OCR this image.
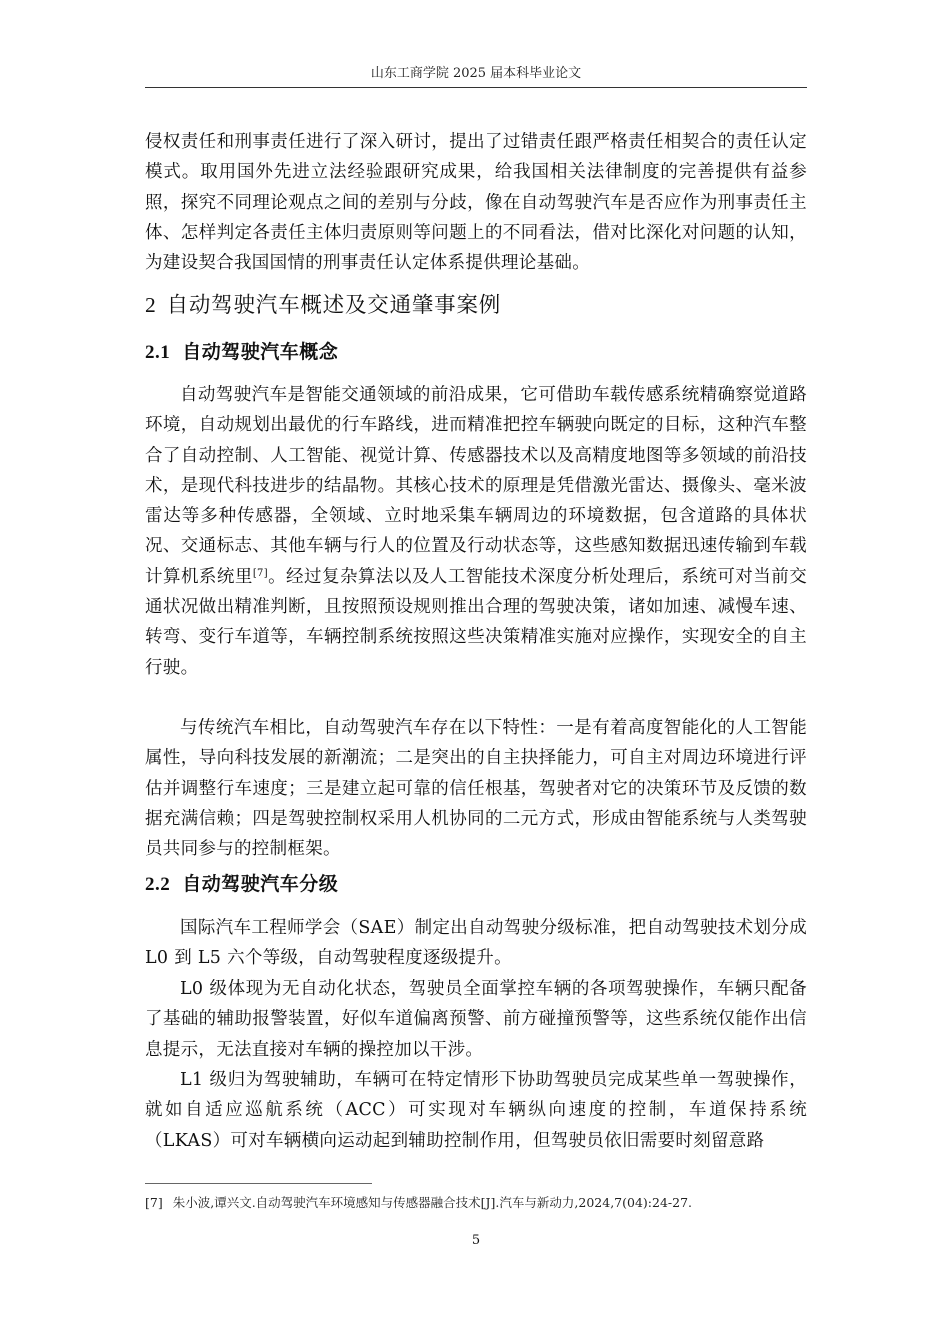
山东工商学院 2025 届本科毕业论文

侵权责任和刑事责任进行了深入研讨，提出了过错责任跟严格责任相契合的责任认定模式。取用国外先进立法经验跟研究成果，给我国相关法律制度的完善提供有益参照，探究不同理论观点之间的差别与分歧，像在自动驾驶汽车是否应作为刑事责任主体、怎样判定各责任主体归责原则等问题上的不同看法，借对比深化对问题的认知，为建设契合我国国情的刑事责任认定体系提供理论基础。

2 自动驾驶汽车概述及交通肇事案例
2.1 自动驾驶汽车概念

自动驾驶汽车是智能交通领域的前沿成果，它可借助车载传感系统精确察觉道路环境，自动规划出最优的行车路线，进而精准把控车辆驶向既定的目标，这种汽车整合了自动控制、人工智能、视觉计算、传感器技术以及高精度地图等多领域的前沿技术，是现代科技进步的结晶物。其核心技术的原理是凭借激光雷达、摄像头、毫米波雷达等多种传感器，全领域、立时地采集车辆周边的环境数据，包含道路的具体状况、交通标志、其他车辆与行人的位置及行动状态等，这些感知数据迅速传输到车载计算机系统里[7]。经过复杂算法以及人工智能技术深度分析处理后，系统可对当前交通状况做出精准判断，且按照预设规则推出合理的驾驶决策，诸如加速、减慢车速、转弯、变行车道等，车辆控制系统按照这些决策精准实施对应操作，实现安全的自主行驶。

与传统汽车相比，自动驾驶汽车存在以下特性：一是有着高度智能化的人工智能属性，导向科技发展的新潮流；二是突出的自主抉择能力，可自主对周边环境进行评估并调整行车速度；三是建立起可靠的信任根基，驾驶者对它的决策环节及反馈的数据充满信赖；四是驾驶控制权采用人机协同的二元方式，形成由智能系统与人类驾驶员共同参与的控制框架。

2.2 自动驾驶汽车分级

国际汽车工程师学会（SAE）制定出自动驾驶分级标准，把自动驾驶技术划分成 L0 到 L5 六个等级，自动驾驶程度逐级提升。

L0 级体现为无自动化状态，驾驶员全面掌控车辆的各项驾驶操作，车辆只配备了基础的辅助报警装置，好似车道偏离预警、前方碰撞预警等，这些系统仅能作出信息提示，无法直接对车辆的操控加以干涉。

L1 级归为驾驶辅助，车辆可在特定情形下协助驾驶员完成某些单一驾驶操作，就如自适应巡航系统（ACC）可实现对车辆纵向速度的控制，车道保持系统（LKAS）可对车辆横向运动起到辅助控制作用，但驾驶员依旧需要时刻留意路

[7] 朱小波,谭兴文.自动驾驶汽车环境感知与传感器融合技术[J].汽车与新动力,2024,7(04):24-27.
5
